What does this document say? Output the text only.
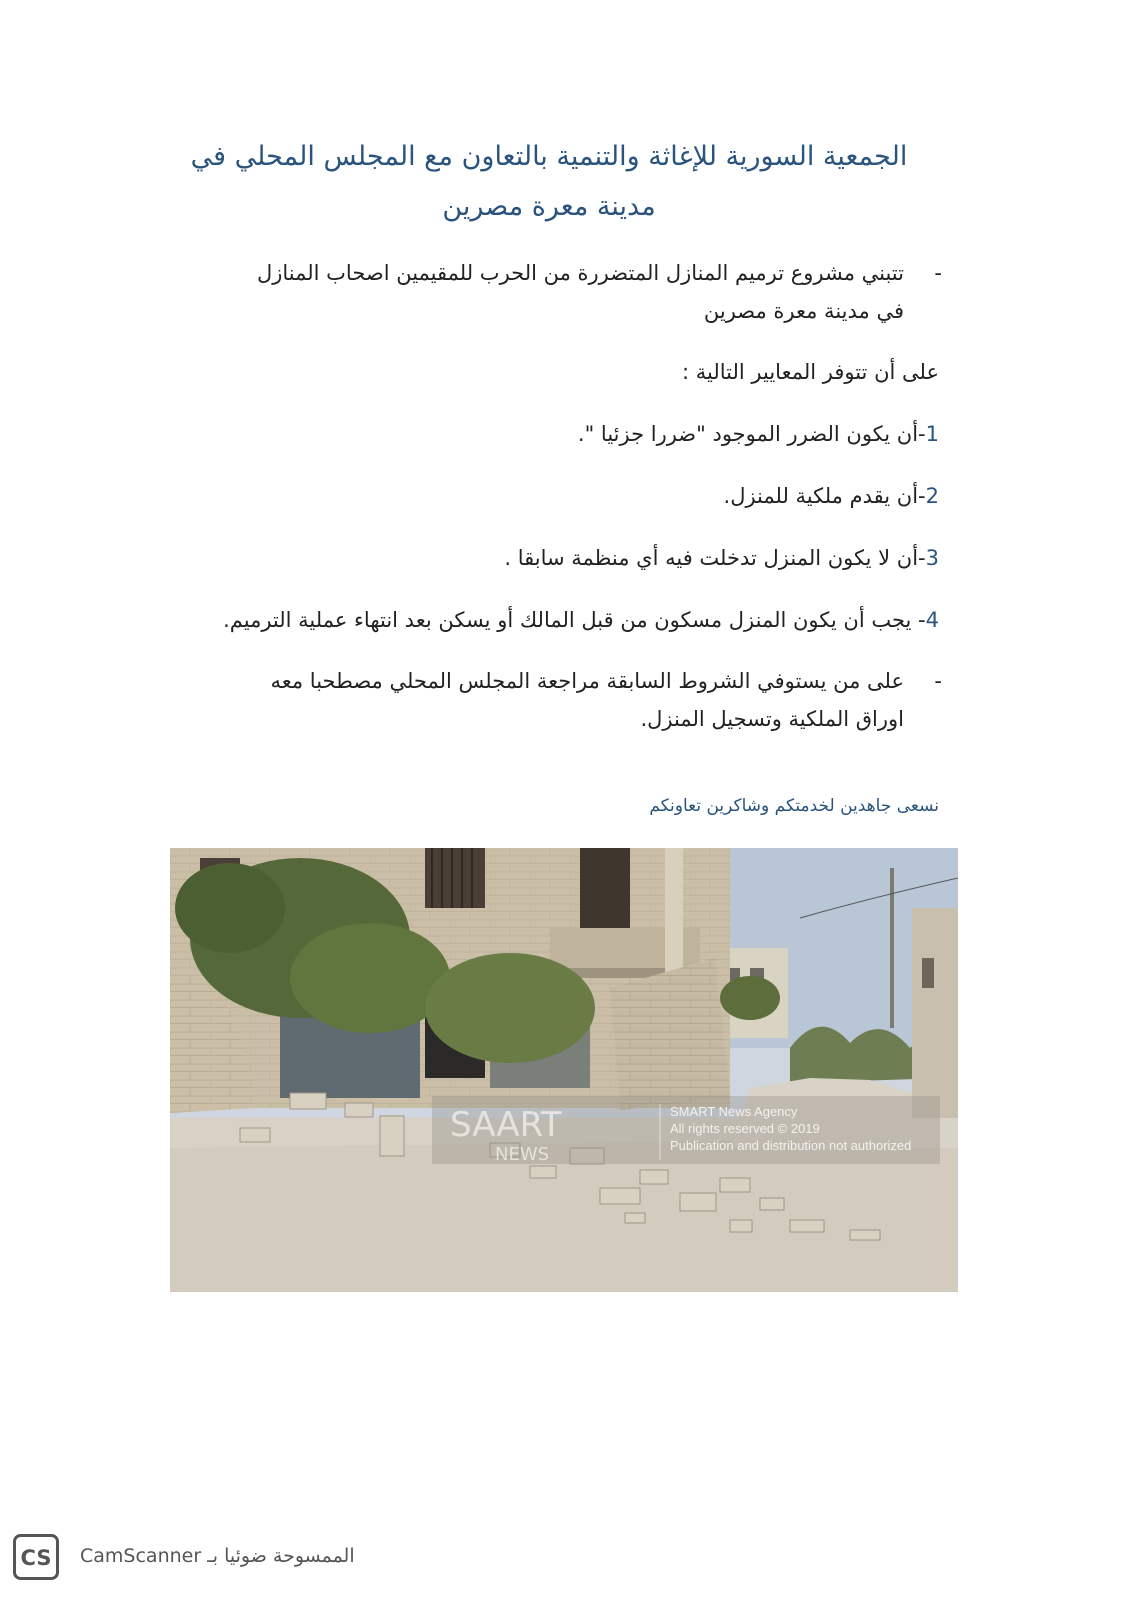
الجمعية السورية للإغاثة والتنمية بالتعاون مع المجلس المحلي في
مدينة معرة مصرين
-
تتبني مشروع ترميم المنازل المتضررة من الحرب للمقيمين اصحاب المنازل في مدينة معرة مصرين
على أن تتوفر المعايير التالية :
1-أن يكون الضرر الموجود "ضررا جزئيا ".
2-أن يقدم ملكية للمنزل.
3-أن لا يكون المنزل تدخلت فيه أي منظمة سابقا .
4- يجب أن يكون المنزل مسكون من قبل المالك أو يسكن بعد انتهاء عملية الترميم.
-
على من يستوفي الشروط السابقة مراجعة المجلس المحلي مصطحبا معه اوراق الملكية وتسجيل المنزل.
نسعى جاهدين لخدمتكم وشاكرين تعاونكم
SAART
NEWS
SMART News Agency
All rights reserved © 2019
Publication and distribution not authorized
CS CamScanner الممسوحة ضوئيا بـ
